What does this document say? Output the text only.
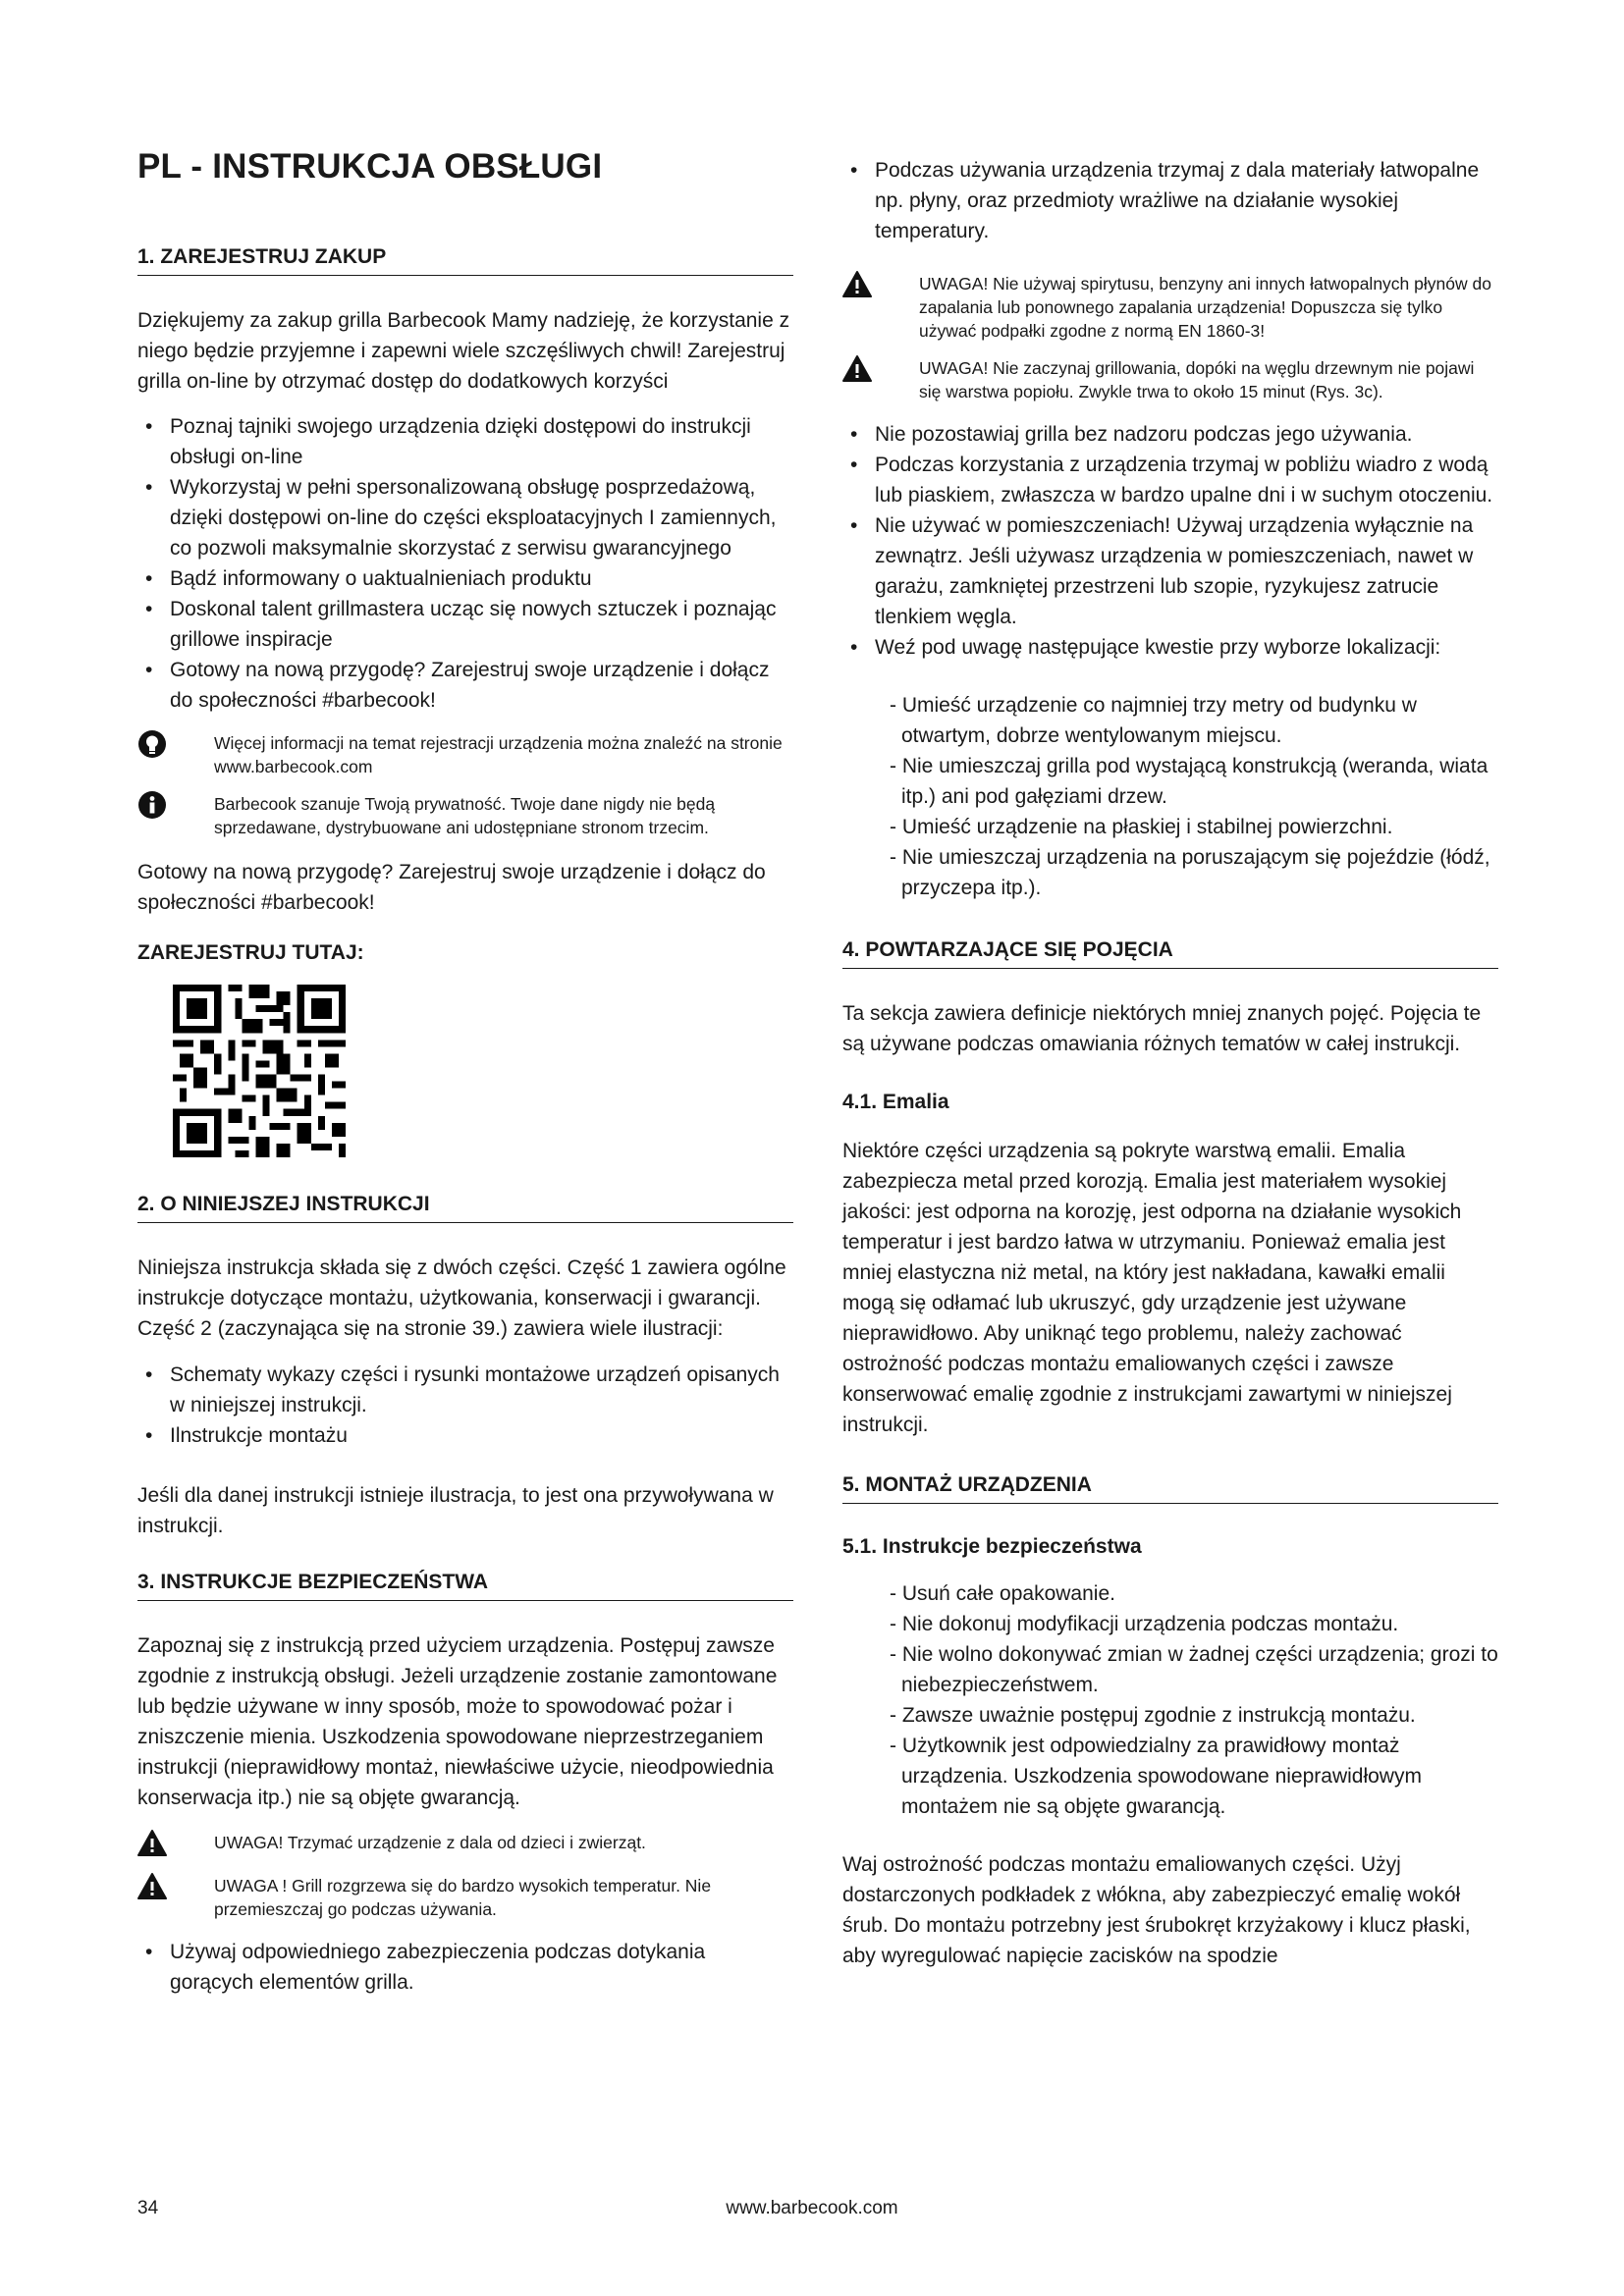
PL - INSTRUKCJA OBSŁUGI
1. ZAREJESTRUJ ZAKUP

Dziękujemy za zakup grilla Barbecook Mamy nadzieję, że korzystanie z niego będzie przyjemne i zapewni wiele szczęśliwych chwil! Zarejestruj grilla on-line by otrzymać dostęp do dodatkowych korzyści

• Poznaj tajniki swojego urządzenia dzięki dostępowi do instrukcji obsługi on-line
• Wykorzystaj w pełni spersonalizowaną obsługę posprzedażową, dzięki dostępowi on-line do części eksploatacyjnych I zamiennych, co pozwoli maksymalnie skorzystać z serwisu gwarancyjnego
• Bądź informowany o uaktualnieniach produktu
• Doskonal talent grillmastera ucząc się nowych sztuczek i poznając grillowe inspiracje
• Gotowy na nową przygodę? Zarejestruj swoje urządzenie i dołącz do społeczności #barbecook!
Więcej informacji na temat rejestracji urządzenia można znaleźć na stronie www.barbecook.com
Barbecook szanuje Twoją prywatność. Twoje dane nigdy nie będą sprzedawane, dystrybuowane ani udostępniane stronom trzecim.

Gotowy na nową przygodę? Zarejestruj swoje urządzenie i dołącz do społeczności #barbecook!

ZAREJESTRUJ TUTAJ:
2. O NINIEJSZEJ INSTRUKCJI

Niniejsza instrukcja składa się z dwóch części. Część 1 zawiera ogólne instrukcje dotyczące montażu, użytkowania, konserwacji i gwarancji. Część 2 (zaczynająca się na stronie 39.) zawiera wiele ilustracji:

• Schematy wykazy części i rysunki montażowe urządzeń opisanych w niniejszej instrukcji.
• Ilnstrukcje montażu

Jeśli dla danej instrukcji istnieje ilustracja, to jest ona przywoływana w instrukcji.

3. INSTRUKCJE BEZPIECZEŃSTWA

Zapoznaj się z instrukcją przed użyciem urządzenia. Postępuj zawsze zgodnie z instrukcją obsługi. Jeżeli urządzenie zostanie zamontowane lub będzie używane w inny sposób, może to spowodować pożar i zniszczenie mienia. Uszkodzenia spowodowane nieprzestrzeganiem instrukcji (nieprawidłowy montaż, niewłaściwe użycie, nieodpowiednia konserwacja itp.) nie są objęte gwarancją.

UWAGA! Trzymać urządzenie z dala od dzieci i zwierząt.
UWAGA ! Grill rozgrzewa się do bardzo wysokich temperatur. Nie przemieszczaj go podczas używania.
• Używaj odpowiedniego zabezpieczenia podczas dotykania gorących elementów grilla.
• Podczas używania urządzenia trzymaj z dala materiały łatwopalne np. płyny, oraz przedmioty wrażliwe na działanie wysokiej temperatury.
UWAGA! Nie używaj spirytusu, benzyny ani innych łatwopalnych płynów do zapalania lub ponownego zapalania urządzenia! Dopuszcza się tylko używać podpałki zgodne z normą EN 1860-3!
UWAGA! Nie zaczynaj grillowania, dopóki na węglu drzewnym nie pojawi się warstwa popiołu. Zwykle trwa to około 15 minut (Rys. 3c).
• Nie pozostawiaj grilla bez nadzoru podczas jego używania.
• Podczas korzystania z urządzenia trzymaj w pobliżu wiadro z wodą lub piaskiem, zwłaszcza w bardzo upalne dni i w suchym otoczeniu.
• Nie używać w pomieszczeniach! Używaj urządzenia wyłącznie na zewnątrz. Jeśli używasz urządzenia w pomieszczeniach, nawet w garażu, zamkniętej przestrzeni lub szopie, ryzykujesz zatrucie tlenkiem węgla.
• Weź pod uwagę następujące kwestie przy wyborze lokalizacji:
- Umieść urządzenie co najmniej trzy metry od budynku w otwartym, dobrze wentylowanym miejscu.
- Nie umieszczaj grilla pod wystającą konstrukcją (weranda, wiata itp.) ani pod gałęziami drzew.
- Umieść urządzenie na płaskiej i stabilnej powierzchni.
- Nie umieszczaj urządzenia na poruszającym się pojeździe (łódź, przyczepa itp.).
4. POWTARZAJĄCE SIĘ POJĘCIA

Ta sekcja zawiera definicje niektórych mniej znanych pojęć. Pojęcia te są używane podczas omawiania różnych tematów w całej instrukcji.

4.1. Emalia

Niektóre części urządzenia są pokryte warstwą emalii. Emalia zabezpiecza metal przed korozją. Emalia jest materiałem wysokiej jakości: jest odporna na korozję, jest odporna na działanie wysokich temperatur i jest bardzo łatwa w utrzymaniu. Ponieważ emalia jest mniej elastyczna niż metal, na który jest nakładana, kawałki emalii mogą się odłamać lub ukruszyć, gdy urządzenie jest używane nieprawidłowo. Aby uniknąć tego problemu, należy zachować ostrożność podczas montażu emaliowanych części i zawsze konserwować emalię zgodnie z instrukcjami zawartymi w niniejszej instrukcji.

5. MONTAŻ URZĄDZENIA
5.1. Instrukcje bezpieczeństwa
- Usuń całe opakowanie.
- Nie dokonuj modyfikacji urządzenia podczas montażu.
- Nie wolno dokonywać zmian w żadnej części urządzenia; grozi to niebezpieczeństwem.
- Zawsze uważnie postępuj zgodnie z instrukcją montażu.
- Użytkownik jest odpowiedzialny za prawidłowy montaż urządzenia. Uszkodzenia spowodowane nieprawidłowym montażem nie są objęte gwarancją.

Waj ostrożność podczas montażu emaliowanych części. Użyj dostarczonych podkładek z włókna, aby zabezpieczyć emalię wokół śrub. Do montażu potrzebny jest śrubokręt krzyżakowy i klucz płaski, aby wyregulować napięcie zacisków na spodzie

34	www.barbecook.com
